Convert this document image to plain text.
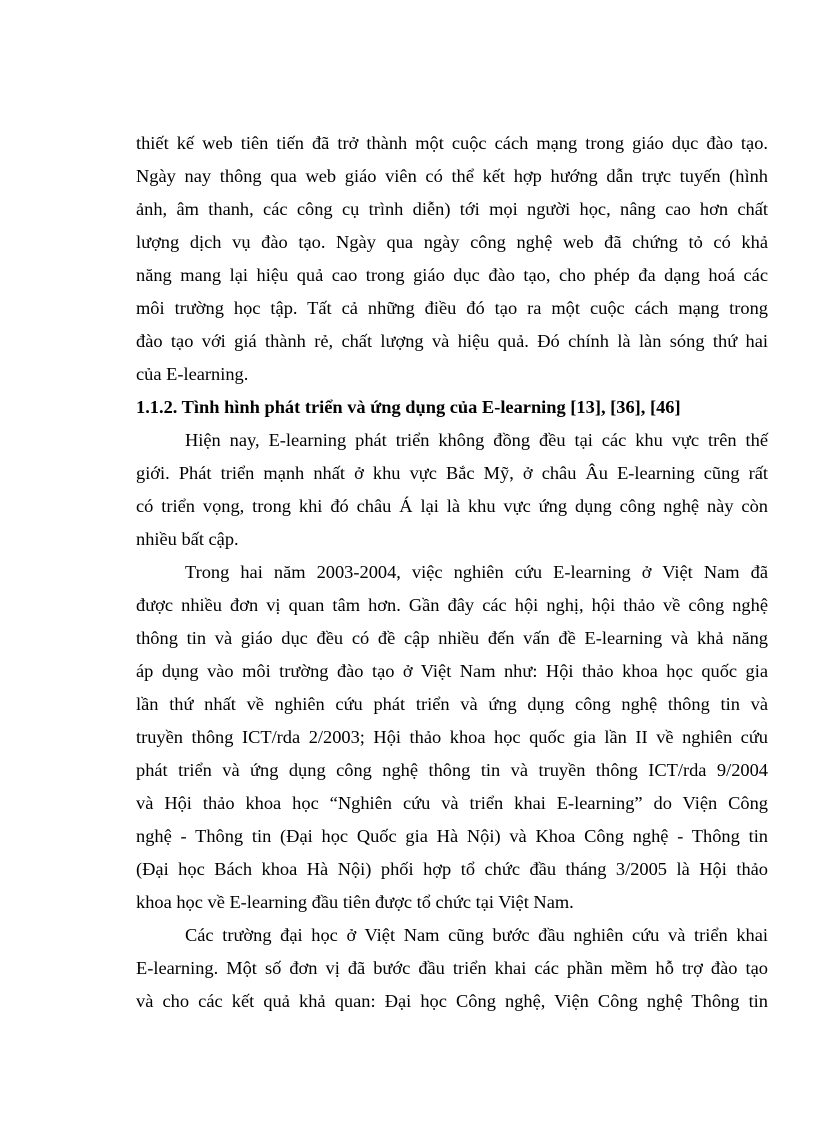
thiết kế web tiên tiến đã trở thành một cuộc cách mạng trong giáo dục đào tạo.
Ngày nay thông qua web giáo viên có thể kết hợp hướng dẫn trực tuyến (hình
ảnh, âm thanh, các công cụ trình diễn) tới mọi người học, nâng cao hơn chất
lượng dịch vụ đào tạo. Ngày qua ngày công nghệ web đã chứng tỏ có khả
năng mang lại hiệu quả cao trong giáo dục đào tạo, cho phép đa dạng hoá các
môi trường học tập. Tất cả những điều đó tạo ra một cuộc cách mạng trong
đào tạo với giá thành rẻ, chất lượng và hiệu quả. Đó chính là làn sóng thứ hai
của E-learning.
1.1.2. Tình hình phát triển và ứng dụng của E-learning [13], [36], [46]
Hiện nay, E-learning phát triển không đồng đều tại các khu vực trên thế
giới. Phát triển mạnh nhất ở khu vực Bắc Mỹ, ở châu Âu E-learning cũng rất
có triển vọng, trong khi đó châu Á lại là khu vực ứng dụng công nghệ này còn
nhiều bất cập.
Trong hai năm 2003-2004, việc nghiên cứu E-learning ở Việt Nam đã
được nhiều đơn vị quan tâm hơn. Gần đây các hội nghị, hội thảo về công nghệ
thông tin và giáo dục đều có đề cập nhiều đến vấn đề E-learning và khả năng
áp dụng vào môi trường đào tạo ở Việt Nam như: Hội thảo khoa học quốc gia
lần thứ nhất về nghiên cứu phát triển và ứng dụng công nghệ thông tin và
truyền thông ICT/rda 2/2003; Hội thảo khoa học quốc gia lần II về nghiên cứu
phát triển và ứng dụng công nghệ thông tin và truyền thông ICT/rda 9/2004
và Hội thảo khoa học “Nghiên cứu và triển khai E-learning” do Viện Công
nghệ - Thông tin (Đại học Quốc gia Hà Nội) và Khoa Công nghệ - Thông tin
(Đại học Bách khoa Hà Nội) phối hợp tổ chức đầu tháng 3/2005 là Hội thảo
khoa học về E-learning đầu tiên được tổ chức tại Việt Nam.
Các trường đại học ở Việt Nam cũng bước đầu nghiên cứu và triển khai
E-learning. Một số đơn vị đã bước đầu triển khai các phần mềm hỗ trợ đào tạo
và cho các kết quả khả quan: Đại học Công nghệ, Viện Công nghệ Thông tin
